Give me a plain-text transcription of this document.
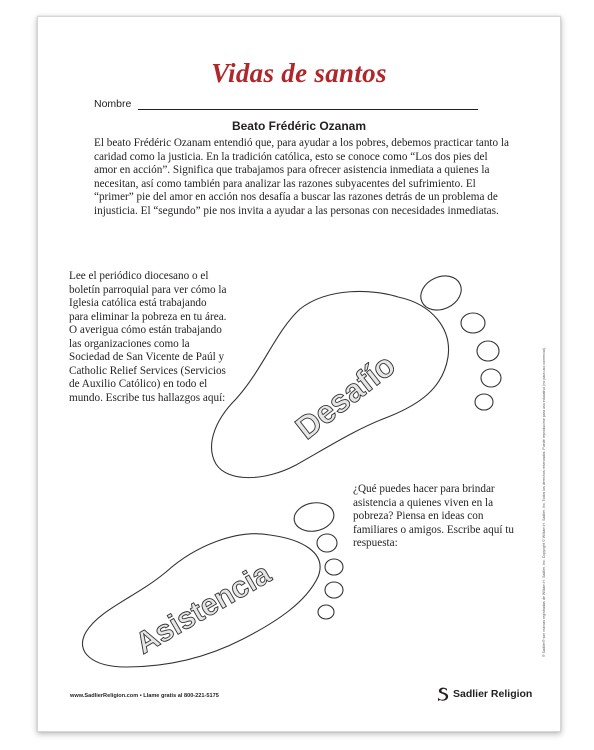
Vidas de santos
Nombre
Beato Frédéric Ozanam

El beato Frédéric Ozanam entendió que, para ayudar a los pobres, debemos practicar tanto la caridad como la justicia. En la tradición católica, esto se conoce como “Los dos pies del amor en acción”. Significa que trabajamos para ofrecer asistencia inmediata a quienes la necesitan, así como también para analizar las razones subyacentes del sufrimiento. El “primer” pie del amor en acción nos desafía a buscar las razones detrás de un problema de injusticia. El “segundo” pie nos invita a ayudar a las personas con necesidades inmediatas.

Lee el periódico diocesano o el boletín parroquial para ver cómo la Iglesia católica está trabajando para eliminar la pobreza en tu área. O averigua cómo están trabajando las organizaciones como la Sociedad de San Vicente de Paúl y Catholic Relief Services (Servicios de Auxilio Católico) en todo el mundo. Escribe tus hallazgos aquí:

¿Qué puedes hacer para brindar asistencia a quienes viven en la pobreza? Piensa en ideas con familiares o amigos. Escribe aquí tu respuesta:

Desafío
Asistencia	® Sadlier® son marcas registradas de William H. Sadlier, Inc. Copyright © William H. Sadlier, Inc. Todos los derechos reservados. Puede reproducirse para uso educativo (no para uso comercial).
www.SadlierReligion.com • Llame gratis al 800-221-5175	Sadlier Religion
